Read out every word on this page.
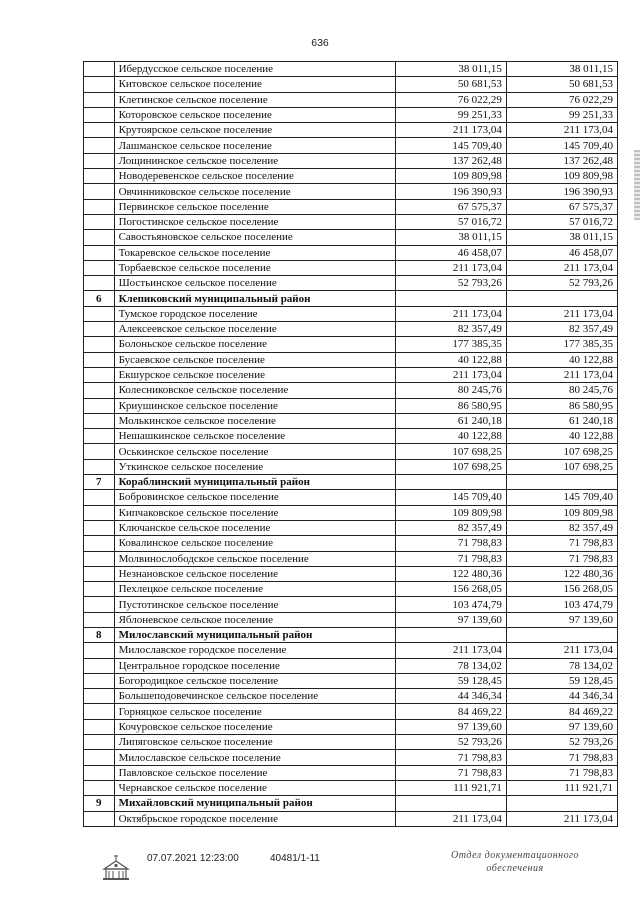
636
	Ибердусское сельское поселение	38 011,15	38 011,15
	Китовское сельское поселение	50 681,53	50 681,53
	Клетинское сельское поселение	76 022,29	76 022,29
	Которовское сельское поселение	99 251,33	99 251,33
	Крутоярское сельское поселение	211 173,04	211 173,04
	Лашманское сельское поселение	145 709,40	145 709,40
	Лощининское сельское поселение	137 262,48	137 262,48
	Новодеревенское сельское поселение	109 809,98	109 809,98
	Овчинниковское сельское поселение	196 390,93	196 390,93
	Первинское сельское поселение	67 575,37	67 575,37
	Погостинское сельское поселение	57 016,72	57 016,72
	Савостьяновское сельское поселение	38 011,15	38 011,15
	Токаревское сельское поселение	46 458,07	46 458,07
	Торбаевское сельское поселение	211 173,04	211 173,04
	Шостьинское сельское поселение	52 793,26	52 793,26
6	Клепиковский муниципальный район		
	Тумское городское поселение	211 173,04	211 173,04
	Алексеевское сельское поселение	82 357,49	82 357,49
	Болоньское сельское поселение	177 385,35	177 385,35
	Бусаевское сельское поселение	40 122,88	40 122,88
	Екшурское сельское поселение	211 173,04	211 173,04
	Колесниковское сельское поселение	80 245,76	80 245,76
	Криушинское сельское поселение	86 580,95	86 580,95
	Молькинское сельское поселение	61 240,18	61 240,18
	Нешашкинское сельское поселение	40 122,88	40 122,88
	Оськинское сельское поселение	107 698,25	107 698,25
	Уткинское сельское поселение	107 698,25	107 698,25
7	Кораблинский муниципальный район		
	Бобровинское сельское поселение	145 709,40	145 709,40
	Кипчаковское сельское поселение	109 809,98	109 809,98
	Ключанское сельское поселение	82 357,49	82 357,49
	Ковалинское сельское поселение	71 798,83	71 798,83
	Молвинослободское сельское поселение	71 798,83	71 798,83
	Незнановское сельское поселение	122 480,36	122 480,36
	Пехлецкое сельское поселение	156 268,05	156 268,05
	Пустотинское сельское поселение	103 474,79	103 474,79
	Яблоневское сельское поселение	97 139,60	97 139,60
8	Милославский муниципальный район		
	Милославское городское поселение	211 173,04	211 173,04
	Центральное городское поселение	78 134,02	78 134,02
	Богородицкое сельское поселение	59 128,45	59 128,45
	Большеподовечинское сельское поселение	44 346,34	44 346,34
	Горняцкое сельское поселение	84 469,22	84 469,22
	Кочуровское сельское поселение	97 139,60	97 139,60
	Липяговское сельское поселение	52 793,26	52 793,26
	Милославское сельское поселение	71 798,83	71 798,83
	Павловское сельское поселение	71 798,83	71 798,83
	Чернавское сельское поселение	111 921,71	111 921,71
9	Михайловский муниципальный район		
	Октябрьское городское поселение	211 173,04	211 173,04
07.07.2021 12:23:00	40481/1-11	Отдел документационного
обеспечения
